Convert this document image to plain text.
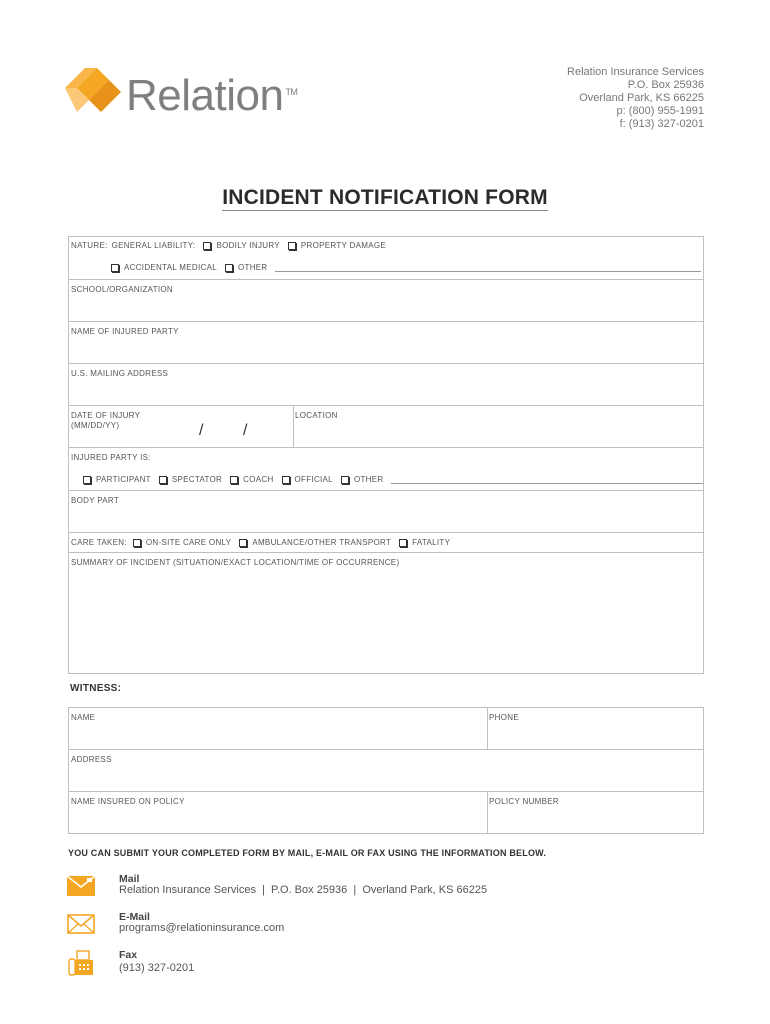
Relation ™
Relation Insurance Services
P.O. Box 25936
Overland Park, KS 66225
p: (800) 955-1991
f: (913) 327-0201
INCIDENT NOTIFICATION FORM
NATURE: GENERAL LIABILITY:	BODILY INJURY	PROPERTY DAMAGE
ACCIDENTAL MEDICAL	OTHER
SCHOOL/ORGANIZATION
NAME OF INJURED PARTY
U.S. MAILING ADDRESS
DATE OF INJURY
(MM/DD/YY)	/ /
LOCATION
INJURED PARTY IS:
PARTICIPANT	SPECTATOR	COACH	OFFICIAL	OTHER
BODY PART
CARE TAKEN: ON-SITE CARE ONLY	AMBULANCE/OTHER TRANSPORT	FATALITY
SUMMARY OF INCIDENT (SITUATION/EXACT LOCATION/TIME OF OCCURRENCE)
WITNESS:
NAME	PHONE
ADDRESS
NAME INSURED ON POLICY	POLICY NUMBER
YOU CAN SUBMIT YOUR COMPLETED FORM BY MAIL, E-MAIL OR FAX USING THE INFORMATION BELOW.
Mail
Relation Insurance Services  |  P.O. Box 25936  |  Overland Park, KS 66225
E-Mail
programs@relationinsurance.com
Fax
(913) 327-0201
